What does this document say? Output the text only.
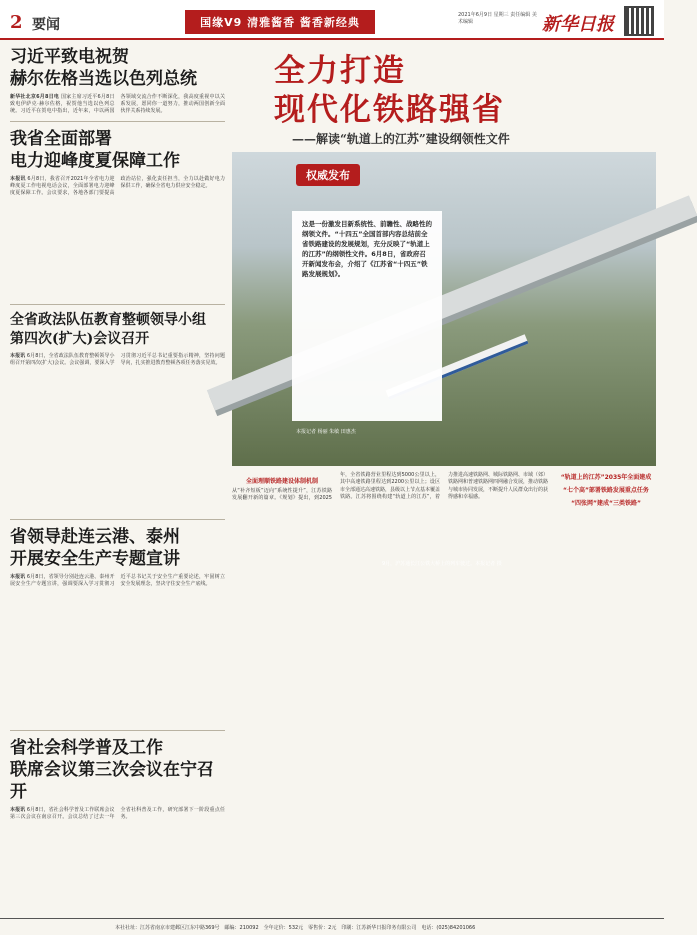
2 要闻	国缘V9 清雅酱香 酱香新经典
2021年6月9日 星期三 责任编辑 美术编辑	新华日报
习近平致电祝贺
赫尔佐格当选以色列总统
新华社北京6月8日电 国家主席习近平6月8日致电伊萨克·赫尔佐格，祝贺他当选以色列总统。习近平在贺电中指出，近年来，中以两国各领域交流合作不断深化，我高度重视中以关系发展，愿同你一道努力，推动两国创新全面伙伴关系持续发展。
我省全面部署
电力迎峰度夏保障工作
本报讯 6月8日，我省召开2021年全省电力迎峰度夏工作电视电话会议，全面部署电力迎峰度夏保障工作。会议要求，各地各部门要提高政治站位，强化责任担当，全力以赴做好电力保供工作，确保全省电力供应安全稳定。
全省政法队伍教育整顿领导小组
第四次(扩大)会议召开
本报讯 6月8日，全省政法队伍教育整顿领导小组召开第四次(扩大)会议。会议强调，要深入学习贯彻习近平总书记重要指示精神，坚持问题导向，扎实推进教育整顿各项任务落实见效。
省领导赴连云港、泰州
开展安全生产专题宣讲
本报讯 6月8日，省领导分别赴连云港、泰州开展安全生产专题宣讲，强调要深入学习贯彻习近平总书记关于安全生产重要论述，牢固树立安全发展理念，坚决守住安全生产底线。
省社会科学普及工作
联席会议第三次会议在宁召开
本报讯 6月8日，省社会科学普及工作联席会议第三次会议在南京召开。会议总结了过去一年全省社科普及工作，研究部署下一阶段重点任务。
全力打造
现代化铁路强省
——解读“轨道上的江苏”建设纲领性文件
9月，沪苏通长江公铁大桥上的列车驶过。本报记者 摄
权威发布
这是一份激发目新系统性、前瞻性、战略性的纲领文件。“十四五”全国首部内容总结前全省铁路建设的发展规划，充分反映了“轨道上的江苏”的纲领性文件。6月8日，省政府召开新闻发布会，介绍了《江苏省“十四五”铁路发展规划》。
本报记者 杨丽 朱敏 田惠杰
全面理顺铁路建设体制机制

从“补齐短板”迈向“系统性提升”，江苏铁路发展翻开新的篇章。《规划》提出，到2025年，全省铁路营业里程达到5000公里以上，其中高速铁路里程达到2200公里以上；设区市全部通达高速铁路，县级以上节点基本覆盖铁路。江苏将围绕构建“轨道上的江苏”，着力推进高速铁路网、城际铁路网、市域（郊）铁路网和普速铁路网四网融合发展，推动铁路与城市协同发展，不断提升人民群众出行的获得感和幸福感。

“轨道上的江苏”2035年全面建成
“七个高”部署铁路发展重点任务
“四张网”建成“三类铁路”
本社社址：江苏省南京市建邺区江东中路369号　邮编：210092　全年定价：532元　零售价：2元　印刷：江苏新华日报印务有限公司　电话：(025)84201066
